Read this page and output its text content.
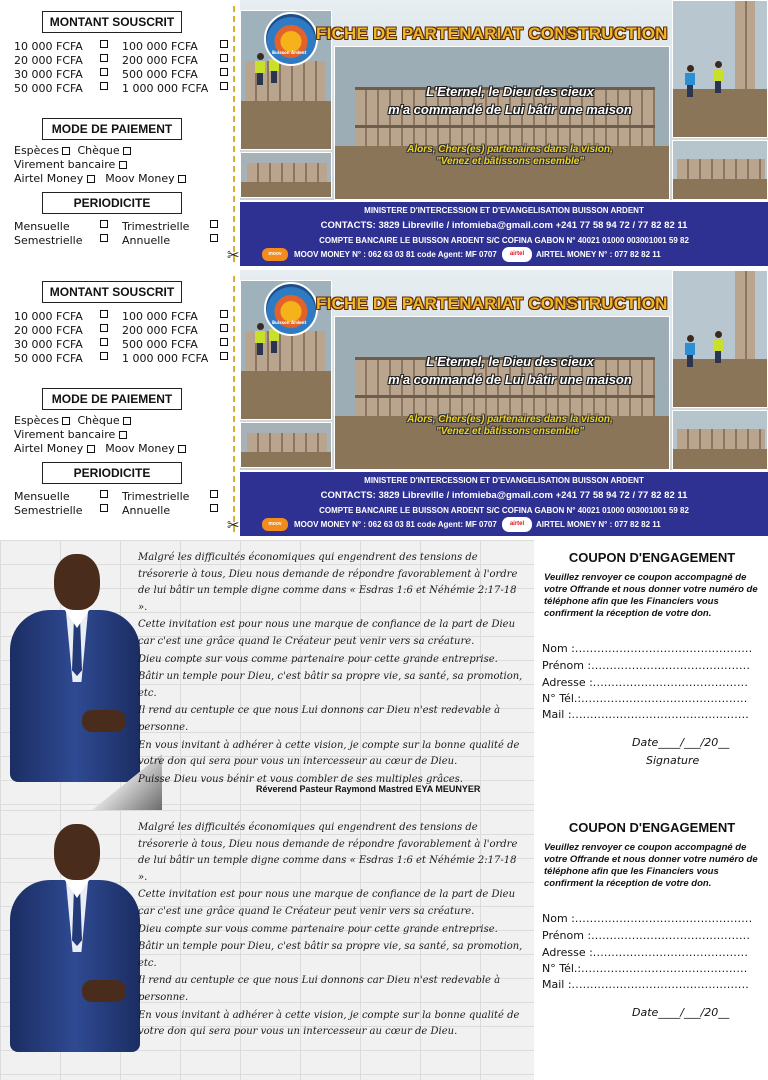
MONTANT SOUSCRIT
10 000 FCFA	100 000 FCFA
20 000 FCFA	200 000 FCFA
30 000 FCFA	500 000 FCFA
50 000 FCFA	1 000 000 FCFA
MODE DE PAIEMENT
Espèces Chèque
Virement bancaire
Airtel Money Moov Money
PERIODICITE
Mensuelle	Trimestrielle
Semestrielle	Annuelle
✂
Buisson Ardent
FICHE DE PARTENARIAT CONSTRUCTION
L'Eternel, le Dieu des cieux
m'a commandé de Lui bâtir une maison
Alors, Chers(es) partenaires dans la vision,
"Venez et bâtissons ensemble"
MINISTERE D'INTERCESSION ET D'EVANGELISATION BUISSON ARDENT
CONTACTS: 3829 Libreville / infomieba@gmail.com +241 77 58 94 72 / 77 82 82 11
COMPTE BANCAIRE LE BUISSON ARDENT S/C COFINA GABON N° 40021 01000 003001001 59 82
moov	airtel
MOOV MONEY N° : 062 63 03 81 code Agent: MF 0707	AIRTEL MONEY N° : 077 82 82 11
MONTANT SOUSCRIT
10 000 FCFA	100 000 FCFA
20 000 FCFA	200 000 FCFA
30 000 FCFA	500 000 FCFA
50 000 FCFA	1 000 000 FCFA
MODE DE PAIEMENT
Espèces Chèque
Virement bancaire
Airtel Money Moov Money
PERIODICITE
Mensuelle	Trimestrielle
Semestrielle	Annuelle
✂
Buisson Ardent
FICHE DE PARTENARIAT CONSTRUCTION
L'Eternel, le Dieu des cieux
m'a commandé de Lui bâtir une maison
Alors, Chers(es) partenaires dans la vision,
"Venez et bâtissons ensemble"
MINISTERE D'INTERCESSION ET D'EVANGELISATION BUISSON ARDENT
CONTACTS: 3829 Libreville / infomieba@gmail.com +241 77 58 94 72 / 77 82 82 11
COMPTE BANCAIRE LE BUISSON ARDENT S/C COFINA GABON N° 40021 01000 003001001 59 82
moov	airtel
MOOV MONEY N° : 062 63 03 81 code Agent: MF 0707	AIRTEL MONEY N° : 077 82 82 11

Malgré les difficultés économiques qui engendrent des tensions de trésorerie à tous, Dieu nous demande de répondre favorablement à l'ordre de lui bâtir un temple digne comme dans « Esdras 1:6 et Néhémie 2:17-18 ».

Cette invitation est pour nous une marque de confiance de la part de Dieu car c'est une grâce quand le Créateur peut venir vers sa créature.

Dieu compte sur vous comme partenaire pour cette grande entreprise.

Bâtir un temple pour Dieu, c'est bâtir sa propre vie, sa santé, sa promotion, etc.

Il rend au centuple ce que nous Lui donnons car Dieu n'est redevable à personne.

En vous invitant à adhérer à cette vision, je compte sur la bonne qualité de votre don qui sera pour vous un intercesseur au cœur de Dieu.

Puisse Dieu vous bénir et vous combler de ses multiples grâces.

Réverend Pasteur Raymond Mastred EYA MEUNYER
COUPON D'ENGAGEMENT
Veuillez renvoyer ce coupon accompagné de votre Offrande et nous donner votre numéro de téléphone afin que les Financiers vous confirment la réception de votre don.
Nom :................................................
Prénom :...........................................
Adresse :..........................................
N° Tél.:.............................................
Mail :................................................
Date____/___/20__
Signature

Malgré les difficultés économiques qui engendrent des tensions de trésorerie à tous, Dieu nous demande de répondre favorablement à l'ordre de lui bâtir un temple digne comme dans « Esdras 1:6 et Néhémie 2:17-18 ».

Cette invitation est pour nous une marque de confiance de la part de Dieu car c'est une grâce quand le Créateur peut venir vers sa créature.

Dieu compte sur vous comme partenaire pour cette grande entreprise.

Bâtir un temple pour Dieu, c'est bâtir sa propre vie, sa santé, sa promotion, etc.

Il rend au centuple ce que nous Lui donnons car Dieu n'est redevable à personne.

En vous invitant à adhérer à cette vision, je compte sur la bonne qualité de votre don qui sera pour vous un intercesseur au cœur de Dieu.

COUPON D'ENGAGEMENT
Veuillez renvoyer ce coupon accompagné de votre Offrande et nous donner votre numéro de téléphone afin que les Financiers vous confirment la réception de votre don.
Nom :................................................
Prénom :...........................................
Adresse :..........................................
N° Tél.:.............................................
Mail :................................................
Date____/___/20__
